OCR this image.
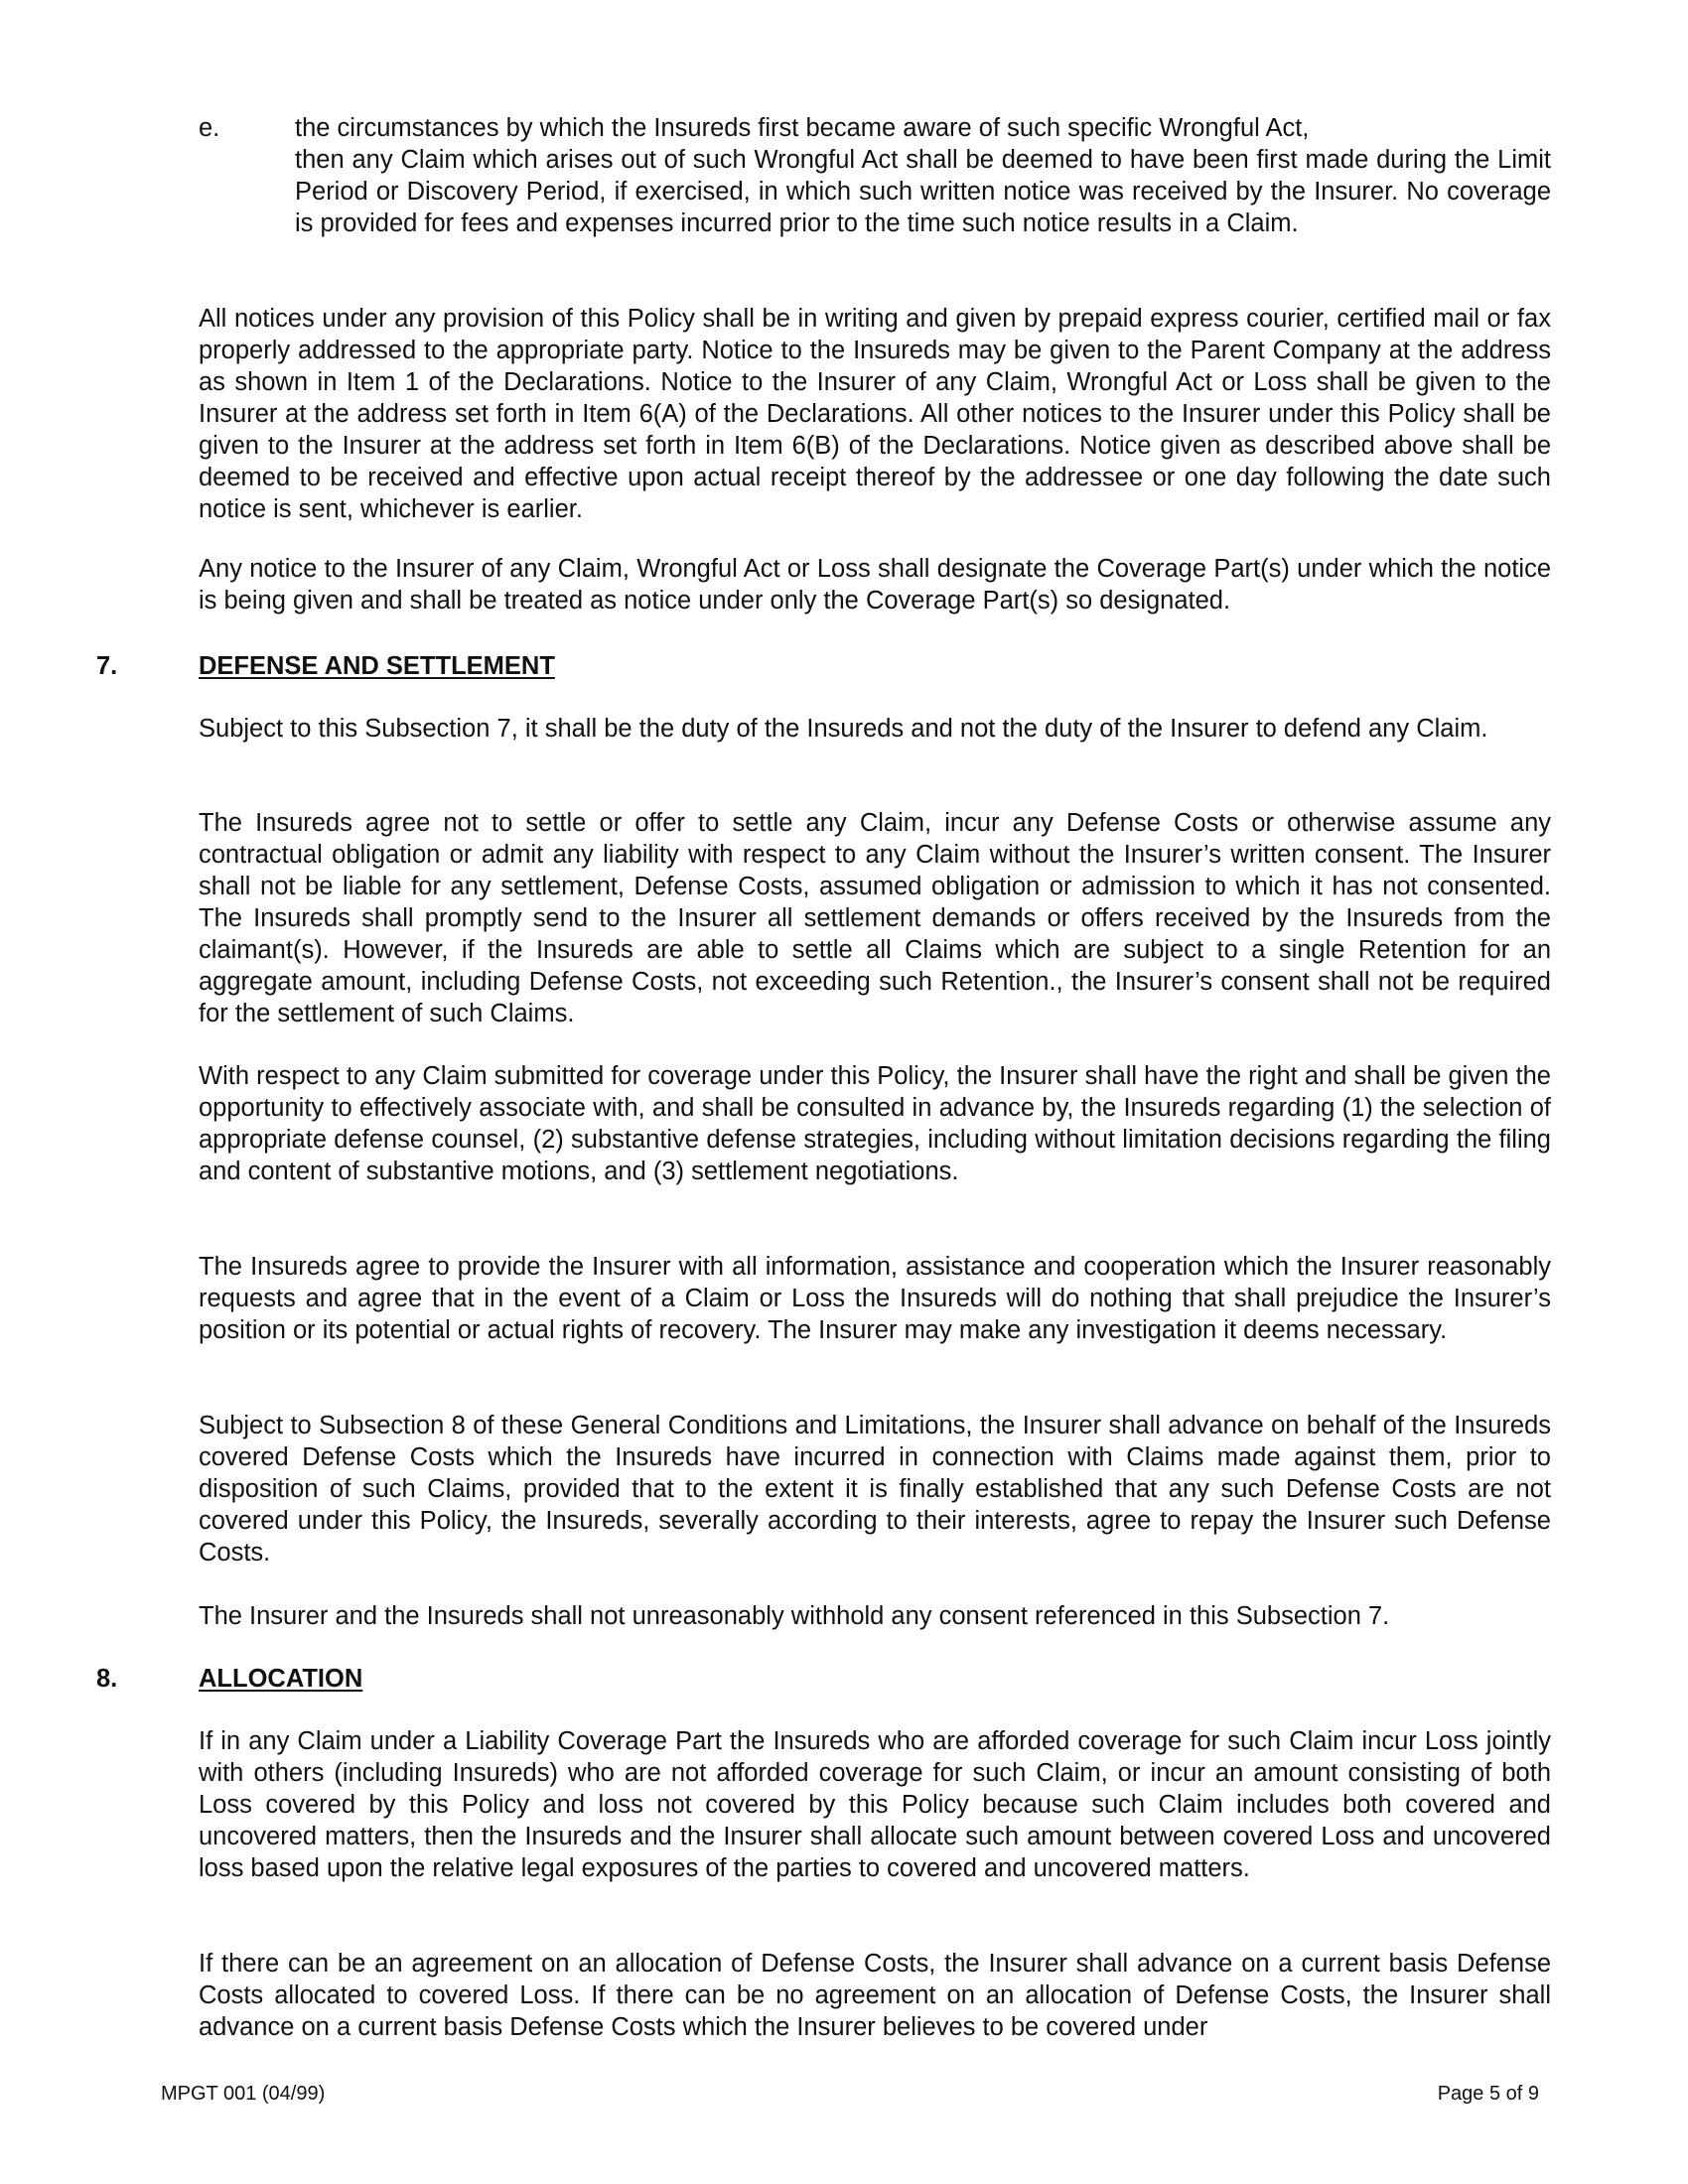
e.	the circumstances by which the Insureds first became aware of such specific Wrongful Act,
then any Claim which arises out of such Wrongful Act shall be deemed to have been first made during the Limit Period or Discovery Period, if exercised, in which such written notice was received by the Insurer. No coverage is provided for fees and expenses incurred prior to the time such notice results in a Claim.

All notices under any provision of this Policy shall be in writing and given by prepaid express courier, certified mail or fax properly addressed to the appropriate party. Notice to the Insureds may be given to the Parent Company at the address as shown in Item 1 of the Declarations. Notice to the Insurer of any Claim, Wrongful Act or Loss shall be given to the Insurer at the address set forth in Item 6(A) of the Declarations. All other notices to the Insurer under this Policy shall be given to the Insurer at the address set forth in Item 6(B) of the Declarations. Notice given as described above shall be deemed to be received and effective upon actual receipt thereof by the addressee or one day following the date such notice is sent, whichever is earlier.

Any notice to the Insurer of any Claim, Wrongful Act or Loss shall designate the Coverage Part(s) under which the notice is being given and shall be treated as notice under only the Coverage Part(s) so designated.

7.	DEFENSE AND SETTLEMENT

Subject to this Subsection 7, it shall be the duty of the Insureds and not the duty of the Insurer to defend any Claim.

The Insureds agree not to settle or offer to settle any Claim, incur any Defense Costs or otherwise assume any contractual obligation or admit any liability with respect to any Claim without the Insurer’s written consent. The Insurer shall not be liable for any settlement, Defense Costs, assumed obligation or admission to which it has not consented. The Insureds shall promptly send to the Insurer all settlement demands or offers received by the Insureds from the claimant(s). However, if the Insureds are able to settle all Claims which are subject to a single Retention for an aggregate amount, including Defense Costs, not exceeding such Retention., the Insurer’s consent shall not be required for the settlement of such Claims.

With respect to any Claim submitted for coverage under this Policy, the Insurer shall have the right and shall be given the opportunity to effectively associate with, and shall be consulted in advance by, the Insureds regarding (1) the selection of appropriate defense counsel, (2) substantive defense strategies, including without limitation decisions regarding the filing and content of substantive motions, and (3) settlement negotiations.

The Insureds agree to provide the Insurer with all information, assistance and cooperation which the Insurer reasonably requests and agree that in the event of a Claim or Loss the Insureds will do nothing that shall prejudice the Insurer’s position or its potential or actual rights of recovery. The Insurer may make any investigation it deems necessary.

Subject to Subsection 8 of these General Conditions and Limitations, the Insurer shall advance on behalf of the Insureds covered Defense Costs which the Insureds have incurred in connection with Claims made against them, prior to disposition of such Claims, provided that to the extent it is finally established that any such Defense Costs are not covered under this Policy, the Insureds, severally according to their interests, agree to repay the Insurer such Defense Costs.

The Insurer and the Insureds shall not unreasonably withhold any consent referenced in this Subsection 7.

8.	ALLOCATION

If in any Claim under a Liability Coverage Part the Insureds who are afforded coverage for such Claim incur Loss jointly with others (including Insureds) who are not afforded coverage for such Claim, or incur an amount consisting of both Loss covered by this Policy and loss not covered by this Policy because such Claim includes both covered and uncovered matters, then the Insureds and the Insurer shall allocate such amount between covered Loss and uncovered loss based upon the relative legal exposures of the parties to covered and uncovered matters.

If there can be an agreement on an allocation of Defense Costs, the Insurer shall advance on a current basis Defense Costs allocated to covered Loss. If there can be no agreement on an allocation of Defense Costs, the Insurer shall advance on a current basis Defense Costs which the Insurer believes to be covered under

MPGT 001 (04/99)	Page 5 of 9
